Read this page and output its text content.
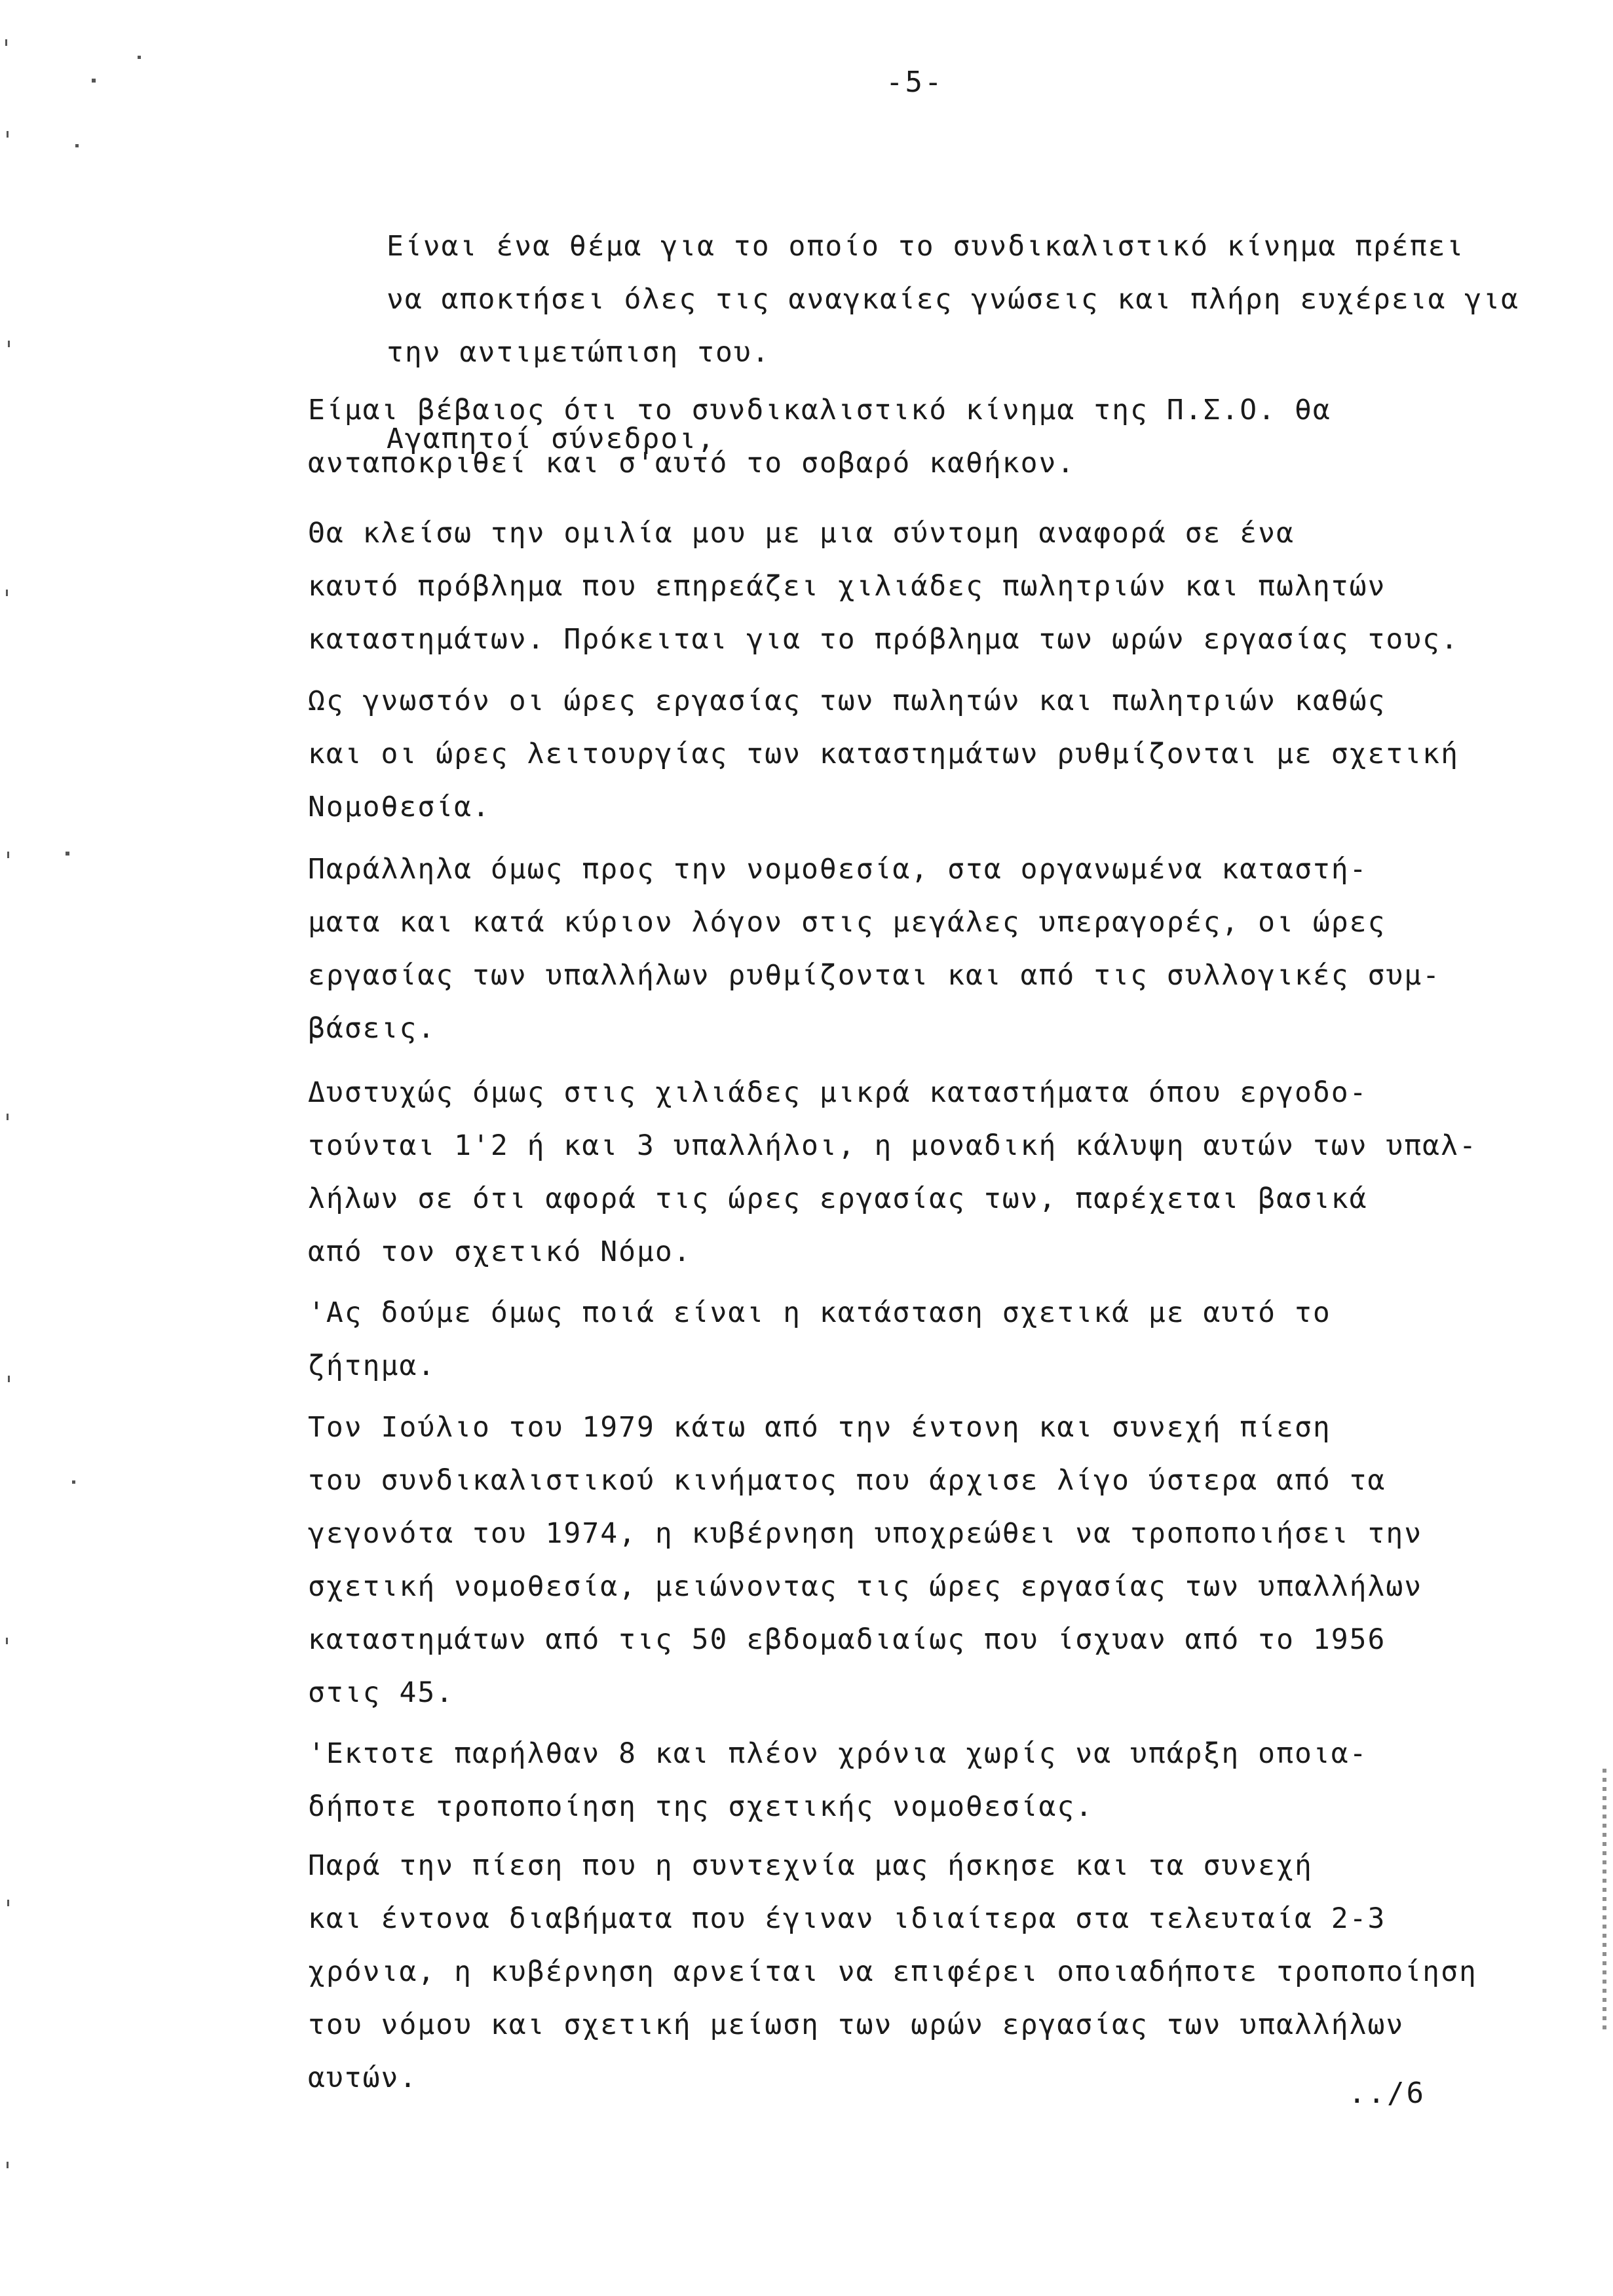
-5-

Είναι ένα θέμα για το οποίο το συνδικαλιστικό κίνημα πρέπει
να αποκτήσει όλες τις αναγκαίες γνώσεις και πλήρη ευχέρεια για
την αντιμετώπιση του.

Είμαι βέβαιος ότι το συνδικαλιστικό κίνημα της Π.Σ.Ο. θα
ανταποκριθεί και σ'αυτό το σοβαρό καθήκον.

Αγαπητοί σύνεδροι,

Θα κλείσω την ομιλία μου με μια σύντομη αναφορά σε ένα
καυτό πρόβλημα που επηρεάζει χιλιάδες πωλητριών και πωλητών
καταστημάτων. Πρόκειται για το πρόβλημα των ωρών εργασίας τους.

Ως γνωστόν οι ώρες εργασίας των πωλητών και πωλητριών καθώς
και οι ώρες λειτουργίας των καταστημάτων ρυθμίζονται με σχετική
Νομοθεσία.

Παράλληλα όμως προς την νομοθεσία, στα οργανωμένα καταστή-
ματα και κατά κύριον λόγον στις μεγάλες υπεραγορές, οι ώρες
εργασίας των υπαλλήλων ρυθμίζονται και από τις συλλογικές συμ-
βάσεις.

Δυστυχώς όμως στις χιλιάδες μικρά καταστήματα όπου εργοδο-
τούνται 1'2 ή και 3 υπαλλήλοι, η μοναδική κάλυψη αυτών των υπαλ-
λήλων σε ότι αφορά τις ώρες εργασίας των, παρέχεται βασικά
από τον σχετικό Νόμο.

'Ας δούμε όμως ποιά είναι η κατάσταση σχετικά με αυτό το
ζήτημα.

Τον Ιούλιο του 1979 κάτω από την έντονη και συνεχή πίεση
του συνδικαλιστικού κινήματος που άρχισε λίγο ύστερα από τα
γεγονότα του 1974, η κυβέρνηση υποχρεώθει να τροποποιήσει την
σχετική νομοθεσία, μειώνοντας τις ώρες εργασίας των υπαλλήλων
καταστημάτων από τις 50 εβδομαδιαίως που ίσχυαν από το 1956
στις 45.

'Εκτοτε παρήλθαν 8 και πλέον χρόνια χωρίς να υπάρξη οποια-
δήποτε τροποποίηση της σχετικής νομοθεσίας.

Παρά την πίεση που η συντεχνία μας ήσκησε και τα συνεχή
και έντονα διαβήματα που έγιναν ιδιαίτερα στα τελευταία 2-3
χρόνια, η κυβέρνηση αρνείται να επιφέρει οποιαδήποτε τροποποίηση
του νόμου και σχετική μείωση των ωρών εργασίας των υπαλλήλων
αυτών.	../6
